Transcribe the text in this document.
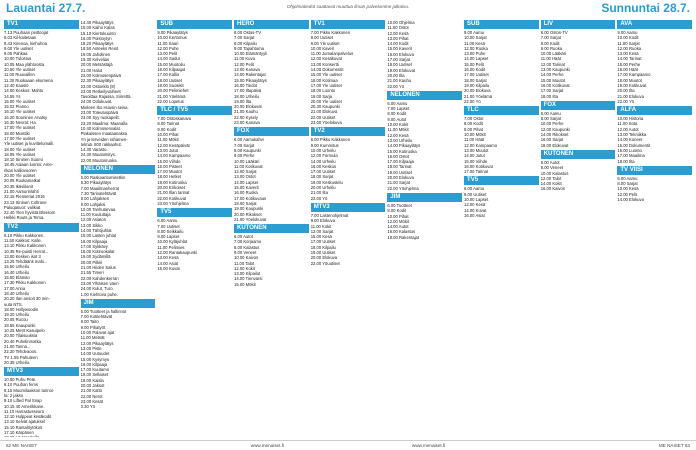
Lauantai 27.7.	Ohjelmatiedot saattavat muuttua ilman palvelumme julkaisu.	Sunnuntai 28.7.
TV1
7.13 Puuhaan peittoojat
8.03 Kil-kaitetaan
8.43 Kirenoa, kiehuhoa
9.00 Yle uutiset
9.05 Pahkaa
10.00 Tulostus
10.05 Maa ylähtoosta
10.50 Yle uutiset
11.00 Ruuvaillen
11.30 Ruokaaan ekumena
12.40 Kaasiö
14.00 Keskus: Mahtu
14.55 Ys
15.00 Yle uutiset
15.02 Pianno
16.10 Yle uutiset
16.20 Sooninen Anatsy
16.30 Nevrat: Ha
17.00 Yle uutiset
18.00 Muistiki
17.00 Yle uutiset
Yle uutiset ja kuvittelumalli.
18.00 Yle uutiset
18.05 Yle uutiset
18.10 Sininen Suomi
18.45 Aalaan luonto: Ame-
rikan kalliovuoren
20.00 Yle uutiset
20.05 Ruokamatkat
20.35 Ikäviilanit
21.00 Aamurinlahti
22.15 Pienseriat 2016
23.13 Sininen Coltrane
Paluqasuor: valikiat
22.40 Ylen hyvistä Blossom
Helkki Ruuts ja Tema.
TV2
6.10 Pikku Kakkonen.
11.50 Kakkos: Kalle.
13.10 Pikku Kakkonen
10.35 Re-puisti Herrat...
13.00 Kesken isot 3
13.25 Tehdäänk mahi...
15.50 Urheilu
16.40 Urheilu
15.50 Elämän
17.30 Pikku Kakkonen
17.00 Anna
18.40 Urheilu
20.20 Ilan ansoit 30 min-
uuta NTS.
18.00 Hollywoodin
19.20 Urheilu
20.05 Rucou
18.55 Kaaupunki
10.25 Metrt Kasuipelo
20.00 Tilaisuuksia
20.40 Puhelinmatka
21.00 Tanna...
22.20 Tehdeaoos.
TV 1.55 Pahuteen
20.35 Urheilu.
MTV3
10.00 Puhu Pete.
6.10 Puuhan fems
8.15 Muumilaakson tarinoi-
ta: 2 jakso
9.10 Lifted Pal Snap
10.15 40 Amerikkane.
11.10 Harrastusseura
12.10 Hulppeat kesäkodit
13.10 Selvät ajatukset
15.10 Rantalöytökoit
17.10 Kärpänen
14.40 Pikaaylätys
15.00 Kaiho Kalas
15.10 Kiertokuunto
16.00 Poistoytyn
18.20 Pikaaylätys
18.50 Anteeks Reiot
19.05 Jaholinen
19.30 Kelvelias
20.00 Metsästäjä
21.00 Halut
22.00 Kolmosenpäivä
22.30 Pikaaylätys
23.00 Ostoeklü (8)
23.00 Retkeilyvaiheet
Tavoittaa Rajassa, Siirrettä.
24.00 Oolukuvat.
Mieleen Ibo Huusin seisa.
23.00 Toteutuspäivä
23.00 Syy ruokapelit.
23.20 Maailma: Maanalla
10.40 Kolmosenvalat.
Plakaissen maataanaksa
Yn ja terveiden rahamen-
telmiä. 800 rakkaahut.
14.30 Varasto.
24.30 Muutosnitys.
22.00 Muutosruoka.
NELONEN
6.00 Raskaantumisetkin
6.30 Pikaaylätys
7.00 Maailmanherrat
7.30 Tarinatehtävät
8.00 Lahjaksen
9.00 Lahjaksi
10.00 Tanhutarvaa
11.00 Kuuluttaja
12.00 Asiaton
13.00 Sikko
14.00 Tähtijuhlat
15.00 Lasten juhlat
16.00 Kilpaaja
17.00 Sykkävy
18.00 Kotiruokalat
19.00 Sydämillä
20.00 Pilkiri
21.00 Hiiden Salus
21.55 Timeri
22.00 Kahdenkerran
23.00 Ylhäisen väen
24.00 Kulut, Turo.
1.00 Kiehtova puhe.
JIM
6.00 Tuotteet ja hallinnot
7.00 Kotitehtävät
8.00 Taito
9.00 Pihatyöt
10.00 Palavat ajat
11.00 Metsät
12.00 Pikaaylätys
13.00 Piste
14.00 Uutuudet
15.00 Kysymys
16.00 Kilpaaja
17.00 Kuutamo
18.00 Sellaiset
19.00 Kaisla
20.00 Jaksot
21.00 Katto
22.00 Nerot
23.00 Kesät
0.30 Yö
SUB
9.00 Pikaaylätys
10.00 Kertomus
11.00 Saari
12.00 Puhe
13.00 Pelit
14.00 Sadut
15.00 Muotoilu
16.00 Kilpaajat
17.00 Kallio
18.00 Uutiset
19.00 Suosikit
20.00 Pelimiehet
21.00 Yöelämä
22.00 Lopetus
TLC / TV5
7.00 Ostoskanava
8.00 Tarinat
9.00 Kodit
10.00 Pihat
11.00 Mökit
12.00 Kesäpäivät
13.00 Jutut
14.00 Kampaamo
15.00 Viihde
16.00 Pisteet
17.00 Muutot
18.00 Hetket
19.00 Kotiruoka
20.00 Erikoiset
21.00 Illan tarinat
22.00 Kotikuvat
23.00 Yöohjelma
TV5
6.00 Aamu
7.00 Uutiset
8.00 Seikkailu
9.00 Lapset
10.00 Kyläjuhlat
11.00 Pelimies
12.00 Rantakaupunki
13.00 Kesä
14.00 Asiat
15.00 Kuvat
HERO
6.00 Ostos-TV
7.00 Sarjat
8.00 Kilpailu
9.00 Tapahtuma
10.00 Elämäntyyli
11.00 Kuva
12.00 Pelit
13.00 Kanava
14.00 Rakentajat
15.00 Pikaaylätys
16.00 Tiedot
17.00 Iltapäivä
18.00 Urheilu
19.00 Ilta
20.00 Elokuvat
21.00 Kauhu
22.00 Kysely
23.00 Kanava
FOX
6.00 Aamukahvi
7.00 Sarjat
8.00 Kaupunki
9.00 Perhe
10.00 Lääkäri
11.00 Kotikuvat
12.00 Sarjat
13.00 Ostot
14.00 Lapset
15.00 Kaverit
16.00 Ruoka
17.00 Kotikuvaus
18.00 Sarjat
19.00 Kaupunki
20.00 Rikokset
21.00 Yöelokuvat
KUTONEN
6.00 Autot
7.00 Korjaamo
8.00 Kalastus
9.00 Veneet
10.00 Kaivos
11.00 Talot
12.00 Kokit
13.00 Kilpailut
14.00 Tienvarsi
15.00 Mökit
TV1
7.00 Pikku Kakkonen
8.00 Uutiset
9.00 Yle uutiset
10.00 Kaveri
11.00 Jumalanpalvelus
12.00 Kesäkuvat
13.00 Konsertti
14.00 Dokumentit
15.00 Yle uutiset
16.00 Kotimaa
17.00 Yle uutiset
18.00 Luonto
19.00 Sarja
20.00 Yle uutiset
20.30 Kaupunki
21.00 Elokuva
22.00 Uutiset
23.00 Yöelokuva
TV2
6.00 Pikku Kakkonen
9.00 Kummitus
10.00 Urheilu
12.00 Formula
14.00 Urheilu
16.00 Keskus
17.00 Uutiset
18.00 Sarjat
19.00 Keskustelu
20.00 Urheilu
21.00 Ilta
22.00 Yö
MTV3
7.00 Lastenohjelmat
9.00 Elokuva
11.00 Kokit
13.00 Sarjat
15.00 Kesä
17.00 Uutiset
18.00 Kilpailu
19.00 Uutiset
20.00 Elokuva
22.00 Yöuutiset
10.00 Ohjelma
11.00 Ostot
12.00 Kesä
13.00 Pihat
14.00 Kodit
15.00 Kaverit
16.00 Elokuva
17.00 Sarjat
18.00 Uutiset
19.00 Elokuvat
20.00 Ilta
21.00 Kauhu
22.00 Yö
NELONEN
6.00 Aamu
7.00 Lapset
8.00 Kodit
9.00 Autot
10.00 Kokit
11.00 Mökit
12.00 Kesä
13.00 Urheilu
14.00 Pikaaylätys
15.00 Kotiruoka
16.00 Ostot
17.00 Kilpaaja
18.00 Tarinat
19.00 Uutiset
20.00 Elokuva
21.00 Sarjat
22.00 Yöohjelma
JIM
6.00 Tuotteet
8.00 Kodit
10.00 Pihat
12.00 Mökit
14.00 Autot
16.00 Kalastus
18.00 Rakentajat
SUB
9.00 Aamu
10.00 Sarjat
11.00 Kesä
12.00 Ruoka
13.00 Puhe
14.00 Lapset
15.00 Pelit
16.00 Kodit
17.00 Uutiset
18.00 Sarjat
19.00 Kilpailu
20.00 Elokuva
21.00 Yöelämä
22.00 Yö
TLC
7.00 Ostot
8.00 Kodit
9.00 Pihat
10.00 Mökit
11.00 Häät
12.00 Kampaamo
13.00 Muutot
14.00 Jutut
15.00 Viihde
16.00 Kotikuvat
17.00 Tarinat
TV5
6.00 Aamu
8.00 Uutiset
10.00 Lapset
12.00 Kesä
14.00 Kuvat
16.00 Asiat
LIV
6.00 Ostos-TV
7.00 Sarjat
8.00 Kodit
9.00 Ruoka
10.00 Lääkäri
11.00 Häät
12.00 Tarinat
13.00 Kaupunki
14.00 Perhe
15.00 Muutot
16.00 Kotikuvat
17.00 Sarjat
18.00 Ilta
FOX
6.00 Aamu
8.00 Sarjat
10.00 Perhe
12.00 Kaupunki
14.00 Rikokset
16.00 Sarjat
18.00 Elokuvat
KUTONEN
6.00 Autot
8.00 Veneet
10.00 Kalastus
12.00 Talot
14.00 Kokit
16.00 Kaivos
AVA
9.00 Aamu
10.00 Kodit
11.00 Sarjat
12.00 Ruoka
13.00 Kesä
14.00 Tarinat
15.00 Perhe
16.00 Häät
17.00 Kampaamo
18.00 Muutot
19.00 Kotikuvat
20.00 Ilta
21.00 Elokuva
22.00 Yö
ALFA
10.00 Historia
11.00 Sota
12.00 Autot
13.00 Tekniikka
14.00 Koneet
15.00 Dokumentit
16.00 Luonto
17.00 Maailma
18.00 Ilta
TV VIISI
6.00 Aamu
8.00 Sarjat
10.00 Kesä
12.00 Pelit
14.00 Elokuva
62 ME NAISET	www.menaiset.fi	www.menaiset.fi	ME NAISET 63
